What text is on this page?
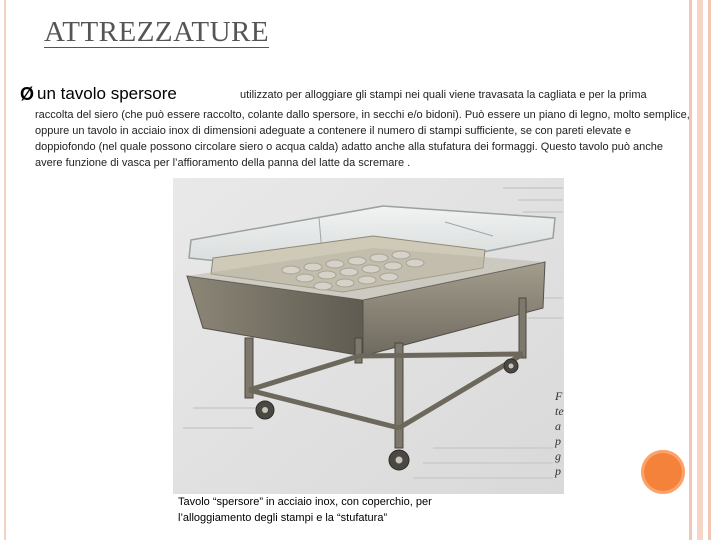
ATTREZZATURE
Ø un tavolo spersore	utilizzato per alloggiare gli stampi nei quali viene travasata la cagliata e per la prima
raccolta del siero (che può essere raccolto, colante dallo spersore, in secchi e/o bidoni). Può essere un piano di legno, molto semplice, oppure un tavolo in acciaio inox di dimensioni adeguate a contenere il numero di stampi sufficiente, se con pareti elevate e doppiofondo (nel quale possono circolare siero o acqua calda) adatto anche alla stufatura dei formaggi. Questo tavolo può anche avere funzione di vasca per l’affioramento della panna del latte da scremare .
F
te
a
p
g
p
Tavolo “spersore” in acciaio inox, con coperchio, per l’alloggiamento degli stampi e la “stufatura”
